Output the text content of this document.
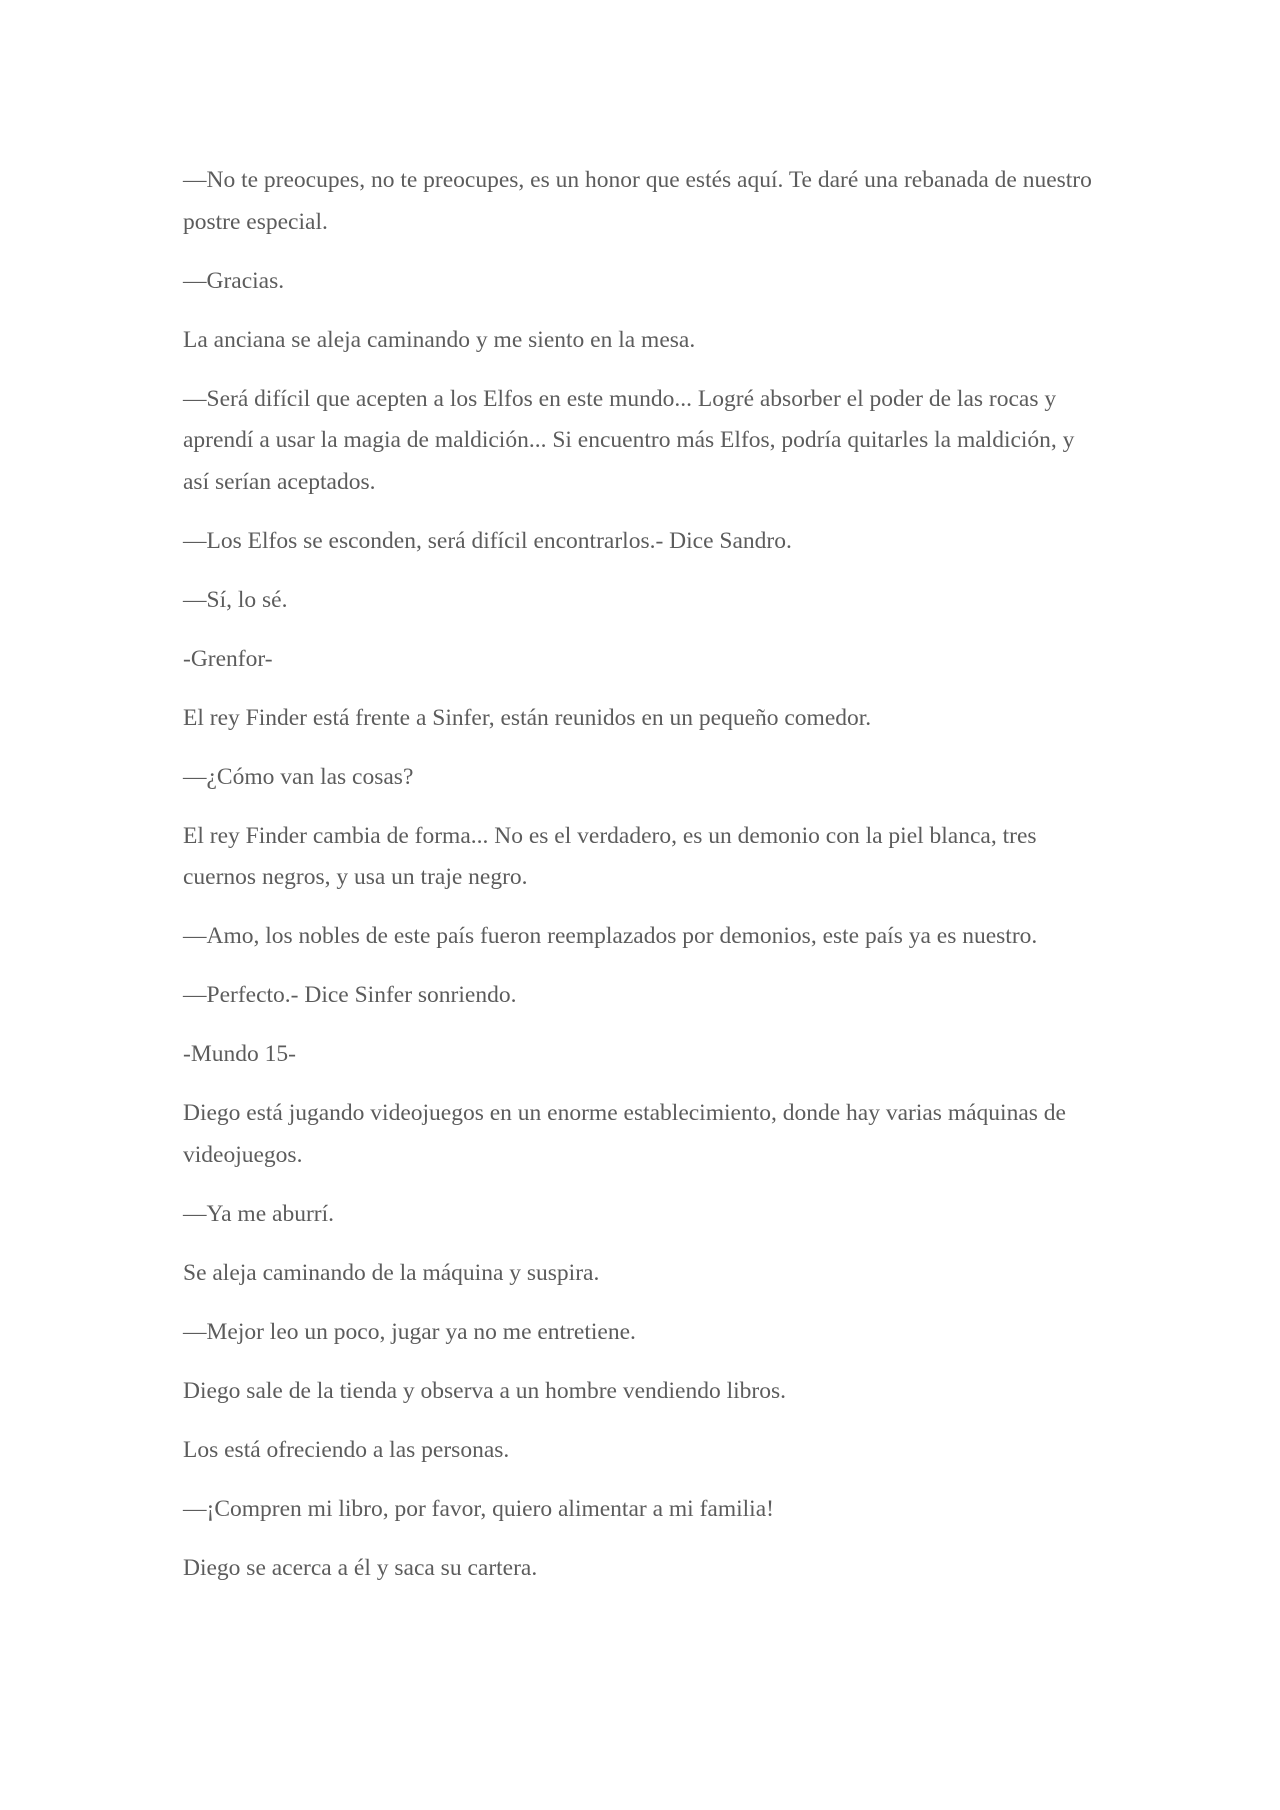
—No te preocupes, no te preocupes, es un honor que estés aquí. Te daré una rebanada de nuestro postre especial.

—Gracias.

La anciana se aleja caminando y me siento en la mesa.

—Será difícil que acepten a los Elfos en este mundo... Logré absorber el poder de las rocas y aprendí a usar la magia de maldición... Si encuentro más Elfos, podría quitarles la maldición, y así serían aceptados.

—Los Elfos se esconden, será difícil encontrarlos.- Dice Sandro.

—Sí, lo sé.

-Grenfor-

El rey Finder está frente a Sinfer, están reunidos en un pequeño comedor.

—¿Cómo van las cosas?

El rey Finder cambia de forma... No es el verdadero, es un demonio con la piel blanca, tres cuernos negros, y usa un traje negro.

—Amo, los nobles de este país fueron reemplazados por demonios, este país ya es nuestro.

—Perfecto.- Dice Sinfer sonriendo.

-Mundo 15-

Diego está jugando videojuegos en un enorme establecimiento, donde hay varias máquinas de videojuegos.

—Ya me aburrí.

Se aleja caminando de la máquina y suspira.

—Mejor leo un poco, jugar ya no me entretiene.

Diego sale de la tienda y observa a un hombre vendiendo libros.

Los está ofreciendo a las personas.

—¡Compren mi libro, por favor, quiero alimentar a mi familia!

Diego se acerca a él y saca su cartera.
